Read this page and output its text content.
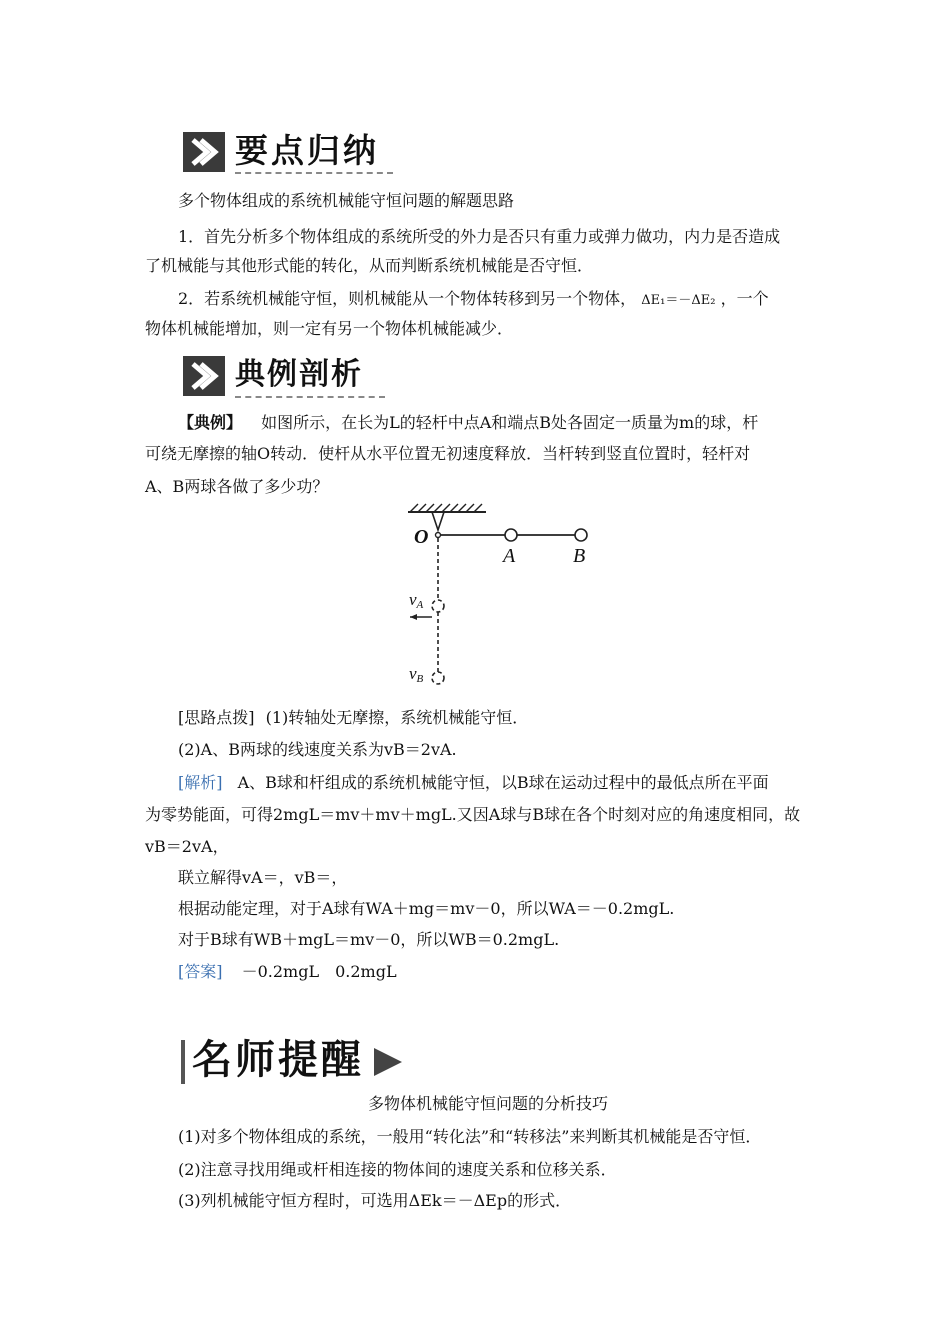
要点归纳
多个物体组成的系统机械能守恒问题的解题思路
1．首先分析多个物体组成的系统所受的外力是否只有重力或弹力做功，内力是否造成
了机械能与其他形式能的转化，从而判断系统机械能是否守恒．
2．若系统机械能守恒，则机械能从一个物体转移到另一个物体， ΔE₁＝－ΔE₂ ，一个
物体机械能增加，则一定有另一个物体机械能减少．
典例剖析
【典例】 如图所示，在长为L的轻杆中点A和端点B处各固定一质量为m的球，杆
可绕无摩擦的轴O转动．使杆从水平位置无初速度释放．当杆转到竖直位置时，轻杆对
A、B两球各做了多少功？
O
A	B
$v_A$
$v_B$
[思路点拨] (1)转轴处无摩擦，系统机械能守恒．
(2)A、B两球的线速度关系为vB＝2vA.
[解析] A、B球和杆组成的系统机械能守恒，以B球在运动过程中的最低点所在平面
为零势能面，可得2mgL＝mv＋mv＋mgL.又因A球与B球在各个时刻对应的角速度相同，故
vB＝2vA，
联立解得vA＝，vB＝，
根据动能定理，对于A球有WA＋mg＝mv－0，所以WA＝－0.2mgL.
对于B球有WB＋mgL＝mv－0，所以WB＝0.2mgL.
[答案] －0.2mgL　0.2mgL
名师提醒
多物体机械能守恒问题的分析技巧
(1)对多个物体组成的系统，一般用“转化法”和“转移法”来判断其机械能是否守恒．
(2)注意寻找用绳或杆相连接的物体间的速度关系和位移关系．
(3)列机械能守恒方程时，可选用ΔEk＝－ΔEp的形式．
